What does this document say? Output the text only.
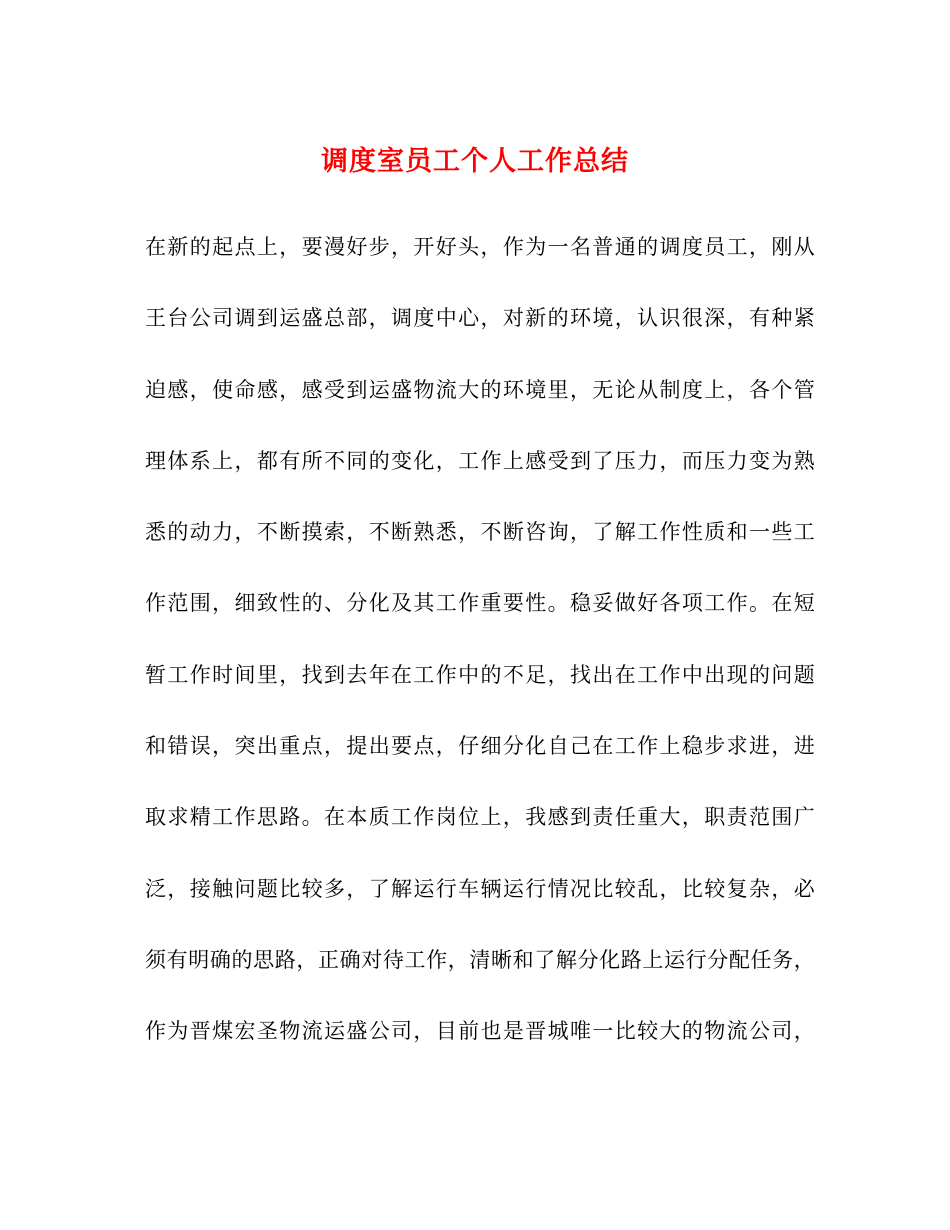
调度室员工个人工作总结
在新的起点上，要漫好步，开好头，作为一名普通的调度员工，刚从
王台公司调到运盛总部，调度中心，对新的环境，认识很深，有种紧
迫感，使命感，感受到运盛物流大的环境里，无论从制度上，各个管
理体系上，都有所不同的变化，工作上感受到了压力，而压力变为熟
悉的动力，不断摸索，不断熟悉，不断咨询，了解工作性质和一些工
作范围，细致性的、分化及其工作重要性。稳妥做好各项工作。在短
暂工作时间里，找到去年在工作中的不足，找出在工作中出现的问题
和错误，突出重点，提出要点，仔细分化自己在工作上稳步求进，进
取求精工作思路。在本质工作岗位上，我感到责任重大，职责范围广
泛，接触问题比较多，了解运行车辆运行情况比较乱，比较复杂，必
须有明确的思路，正确对待工作，清晰和了解分化路上运行分配任务，
作为晋煤宏圣物流运盛公司，目前也是晋城唯一比较大的物流公司，
